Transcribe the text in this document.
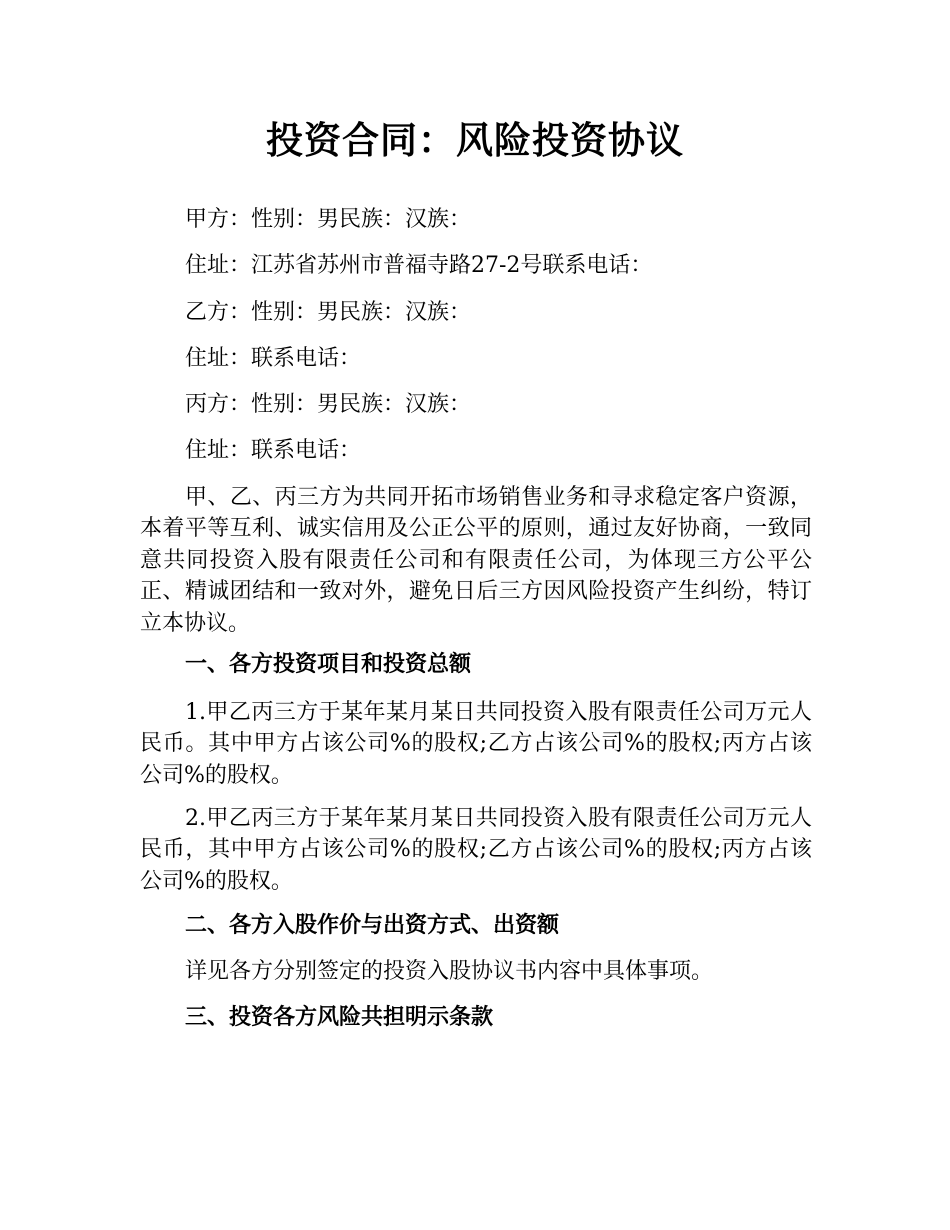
投资合同：风险投资协议

甲方：性别：男民族：汉族：

住址：江苏省苏州市普福寺路27-2号联系电话：

乙方：性别：男民族：汉族：

住址：联系电话：

丙方：性别：男民族：汉族：

住址：联系电话：

甲、乙、丙三方为共同开拓市场销售业务和寻求稳定客户资源，本着平等互利、诚实信用及公正公平的原则，通过友好协商，一致同意共同投资入股有限责任公司和有限责任公司，为体现三方公平公正、精诚团结和一致对外，避免日后三方因风险投资产生纠纷，特订立本协议。

一、各方投资项目和投资总额

1.甲乙丙三方于某年某月某日共同投资入股有限责任公司万元人民币。其中甲方占该公司%的股权;乙方占该公司%的股权;丙方占该公司%的股权。

2.甲乙丙三方于某年某月某日共同投资入股有限责任公司万元人民币，其中甲方占该公司%的股权;乙方占该公司%的股权;丙方占该公司%的股权。

二、各方入股作价与出资方式、出资额

详见各方分别签定的投资入股协议书内容中具体事项。

三、投资各方风险共担明示条款
